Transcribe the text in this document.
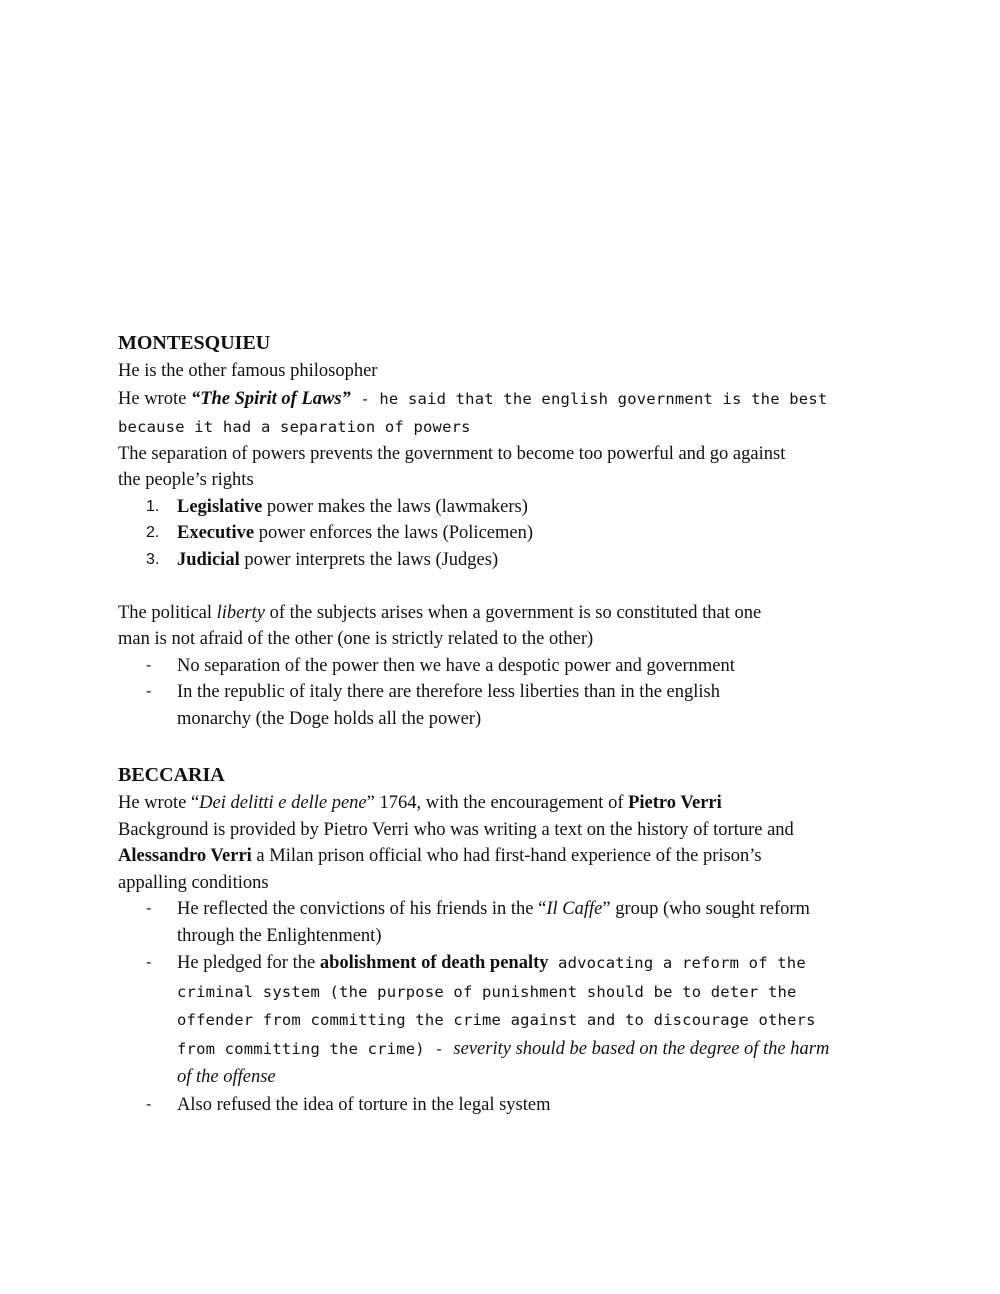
MONTESQUIEU

He is the other famous philosopher

He wrote “The Spirit of Laws” - he said that the english government is the best

because it had a separation of powers

The separation of powers prevents the government to become too powerful and go against

the people’s rights

1. Legislative power makes the laws (lawmakers)
2. Executive power enforces the laws (Policemen)
3. Judicial power interprets the laws (Judges)

The political liberty of the subjects arises when a government is so constituted that one

man is not afraid of the other (one is strictly related to the other)

- No separation of the power then we have a despotic power and government
- In the republic of italy there are therefore less liberties than in the english
monarchy (the Doge holds all the power)

BECCARIA

He wrote “Dei delitti e delle pene” 1764, with the encouragement of Pietro Verri

Background is provided by Pietro Verri who was writing a text on the history of torture and

Alessandro Verri a Milan prison official who had first-hand experience of the prison’s

appalling conditions

- He reflected the convictions of his friends in the “Il Caffe” group (who sought reform
through the Enlightenment)
- He pledged for the abolishment of death penalty advocating a reform of the
criminal system (the purpose of punishment should be to deter the
offender from committing the crime against and to discourage others
from committing the crime) - severity should be based on the degree of the harm
of the offense
- Also refused the idea of torture in the legal system
